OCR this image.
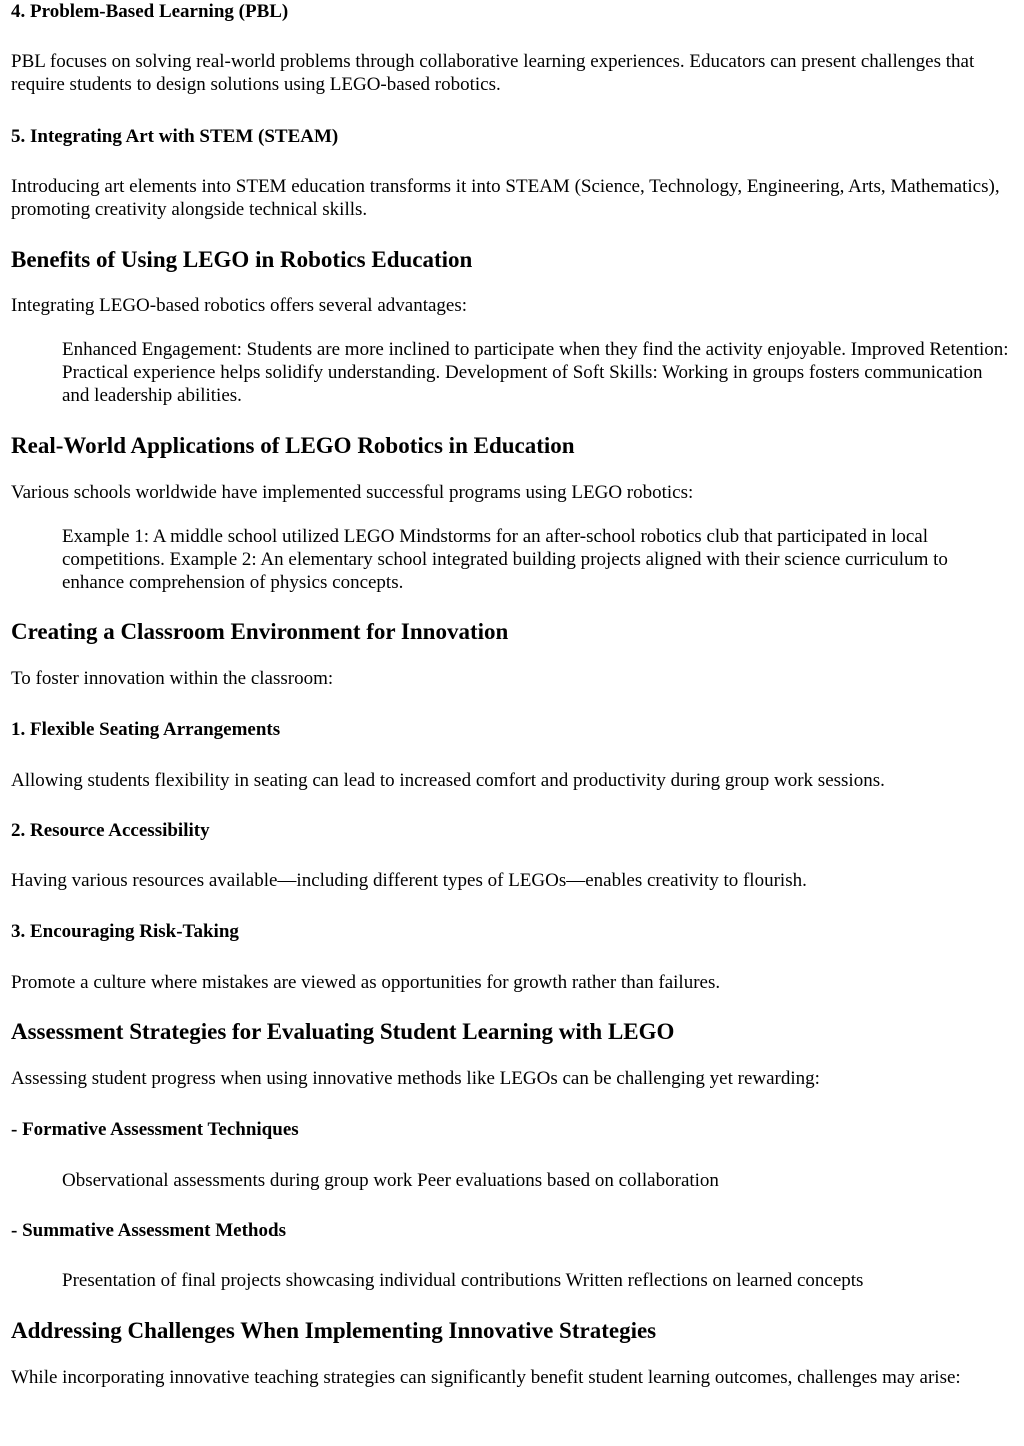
4. Problem-Based Learning (PBL)

PBL focuses on solving real-world problems through collaborative learning experiences. Educators can present challenges that require students to design solutions using LEGO-based robotics.

5. Integrating Art with STEM (STEAM)

Introducing art elements into STEM education transforms it into STEAM (Science, Technology, Engineering, Arts, Mathematics), promoting creativity alongside technical skills.

Benefits of Using LEGO in Robotics Education

Integrating LEGO-based robotics offers several advantages:

Enhanced Engagement: Students are more inclined to participate when they find the activity enjoyable. Improved Retention: Practical experience helps solidify understanding. Development of Soft Skills: Working in groups fosters communication and leadership abilities.
Real-World Applications of LEGO Robotics in Education

Various schools worldwide have implemented successful programs using LEGO robotics:

Example 1: A middle school utilized LEGO Mindstorms for an after-school robotics club that participated in local competitions. Example 2: An elementary school integrated building projects aligned with their science curriculum to enhance comprehension of physics concepts.
Creating a Classroom Environment for Innovation

To foster innovation within the classroom:

1. Flexible Seating Arrangements

Allowing students flexibility in seating can lead to increased comfort and productivity during group work sessions.

2. Resource Accessibility

Having various resources available—including different types of LEGOs—enables creativity to flourish.

3. Encouraging Risk-Taking

Promote a culture where mistakes are viewed as opportunities for growth rather than failures.

Assessment Strategies for Evaluating Student Learning with LEGO

Assessing student progress when using innovative methods like LEGOs can be challenging yet rewarding:

- Formative Assessment Techniques
Observational assessments during group work Peer evaluations based on collaboration
- Summative Assessment Methods
Presentation of final projects showcasing individual contributions Written reflections on learned concepts
Addressing Challenges When Implementing Innovative Strategies

While incorporating innovative teaching strategies can significantly benefit student learning outcomes, challenges may arise:
